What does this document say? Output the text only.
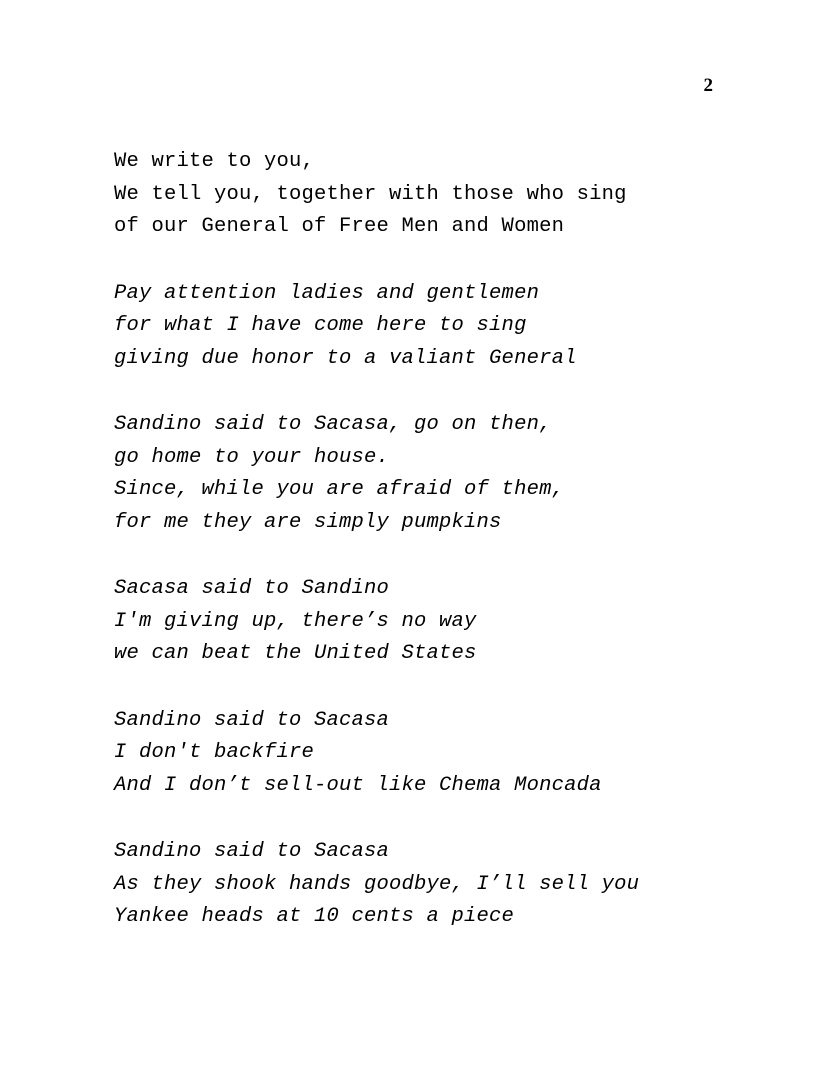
2
We write to you,
We tell you, together with those who sing
of our General of Free Men and Women
Pay attention ladies and gentlemen
for what I have come here to sing
giving due honor to a valiant General
Sandino said to Sacasa, go on then,
go home to your house.
Since, while you are afraid of them,
for me they are simply pumpkins
Sacasa said to Sandino
I'm giving up, there’s no way
we can beat the United States
Sandino said to Sacasa
I don't backfire
And I don’t sell-out like Chema Moncada
Sandino said to Sacasa
As they shook hands goodbye, I’ll sell you
Yankee heads at 10 cents a piece
